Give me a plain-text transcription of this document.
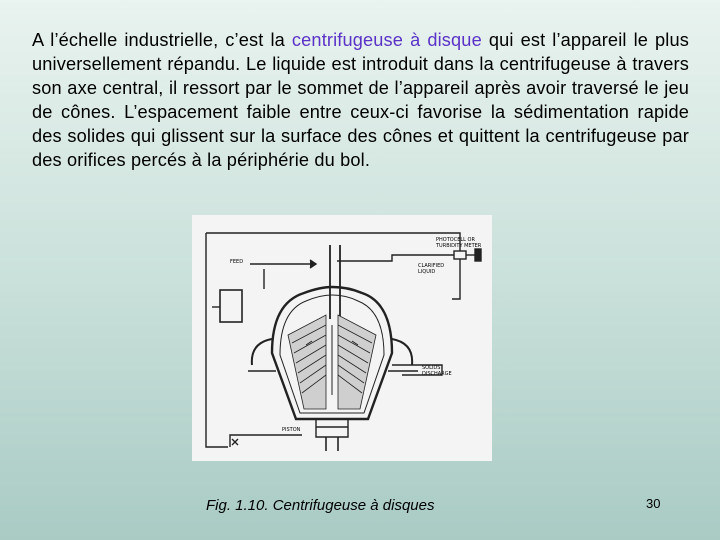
A l’échelle industrielle, c’est la centrifugeuse à disque qui est l’appareil le plus universellement répandu. Le liquide est introduit dans la centrifugeuse à travers son axe central, il ressort par le sommet de l’appareil après avoir traversé le jeu de cônes. L’espacement faible entre ceux-ci favorise la sédimentation rapide des solides qui glissent sur la surface des cônes et quittent la centrifugeuse par des orifices percés à la périphérie du bol.

FEED
CLARIFIED LIQUID
PHOTOCELL OR TURBIDITY METER
SOLIDS DISCHARGE
PISTON
Fig. 1.10. Centrifugeuse à disques	30
